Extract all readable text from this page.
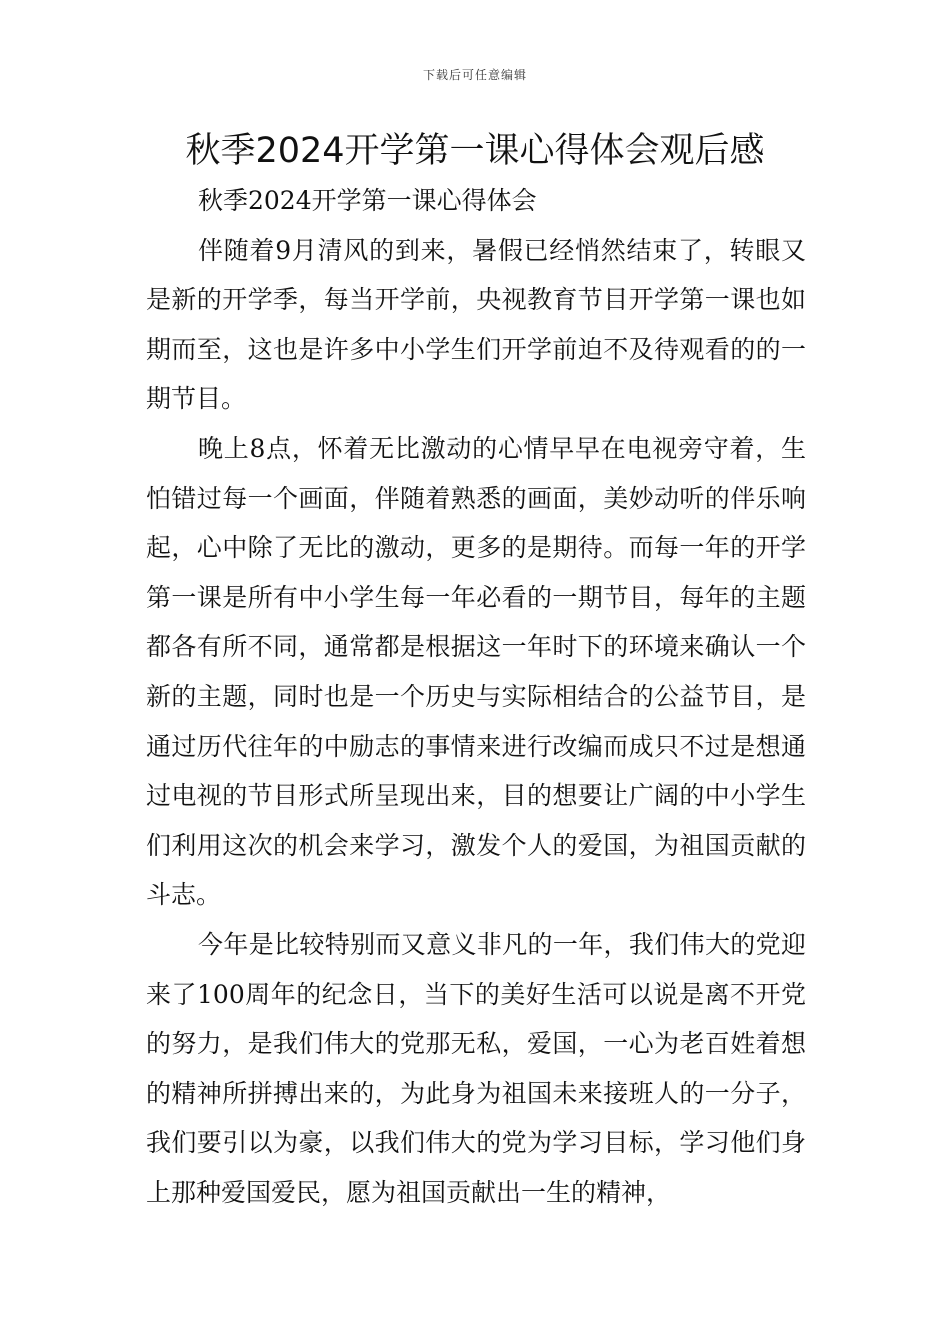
下载后可任意编辑
秋季2024开学第一课心得体会观后感

秋季2024开学第一课心得体会

伴随着9月清风的到来，暑假已经悄然结束了，转眼又是新的开学季，每当开学前，央视教育节目开学第一课也如期而至，这也是许多中小学生们开学前迫不及待观看的的一期节目。

晚上8点，怀着无比激动的心情早早在电视旁守着，生怕错过每一个画面，伴随着熟悉的画面，美妙动听的伴乐响起，心中除了无比的激动，更多的是期待。而每一年的开学第一课是所有中小学生每一年必看的一期节目，每年的主题都各有所不同，通常都是根据这一年时下的环境来确认一个新的主题，同时也是一个历史与实际相结合的公益节目，是通过历代往年的中励志的事情来进行改编而成只不过是想通过电视的节目形式所呈现出来，目的想要让广阔的中小学生们利用这次的机会来学习，激发个人的爱国，为祖国贡献的斗志。

今年是比较特别而又意义非凡的一年，我们伟大的党迎来了100周年的纪念日，当下的美好生活可以说是离不开党的努力，是我们伟大的党那无私，爱国，一心为老百姓着想的精神所拼搏出来的，为此身为祖国未来接班人的一分子，我们要引以为豪，以我们伟大的党为学习目标，学习他们身上那种爱国爱民，愿为祖国贡献出一生的精神，
